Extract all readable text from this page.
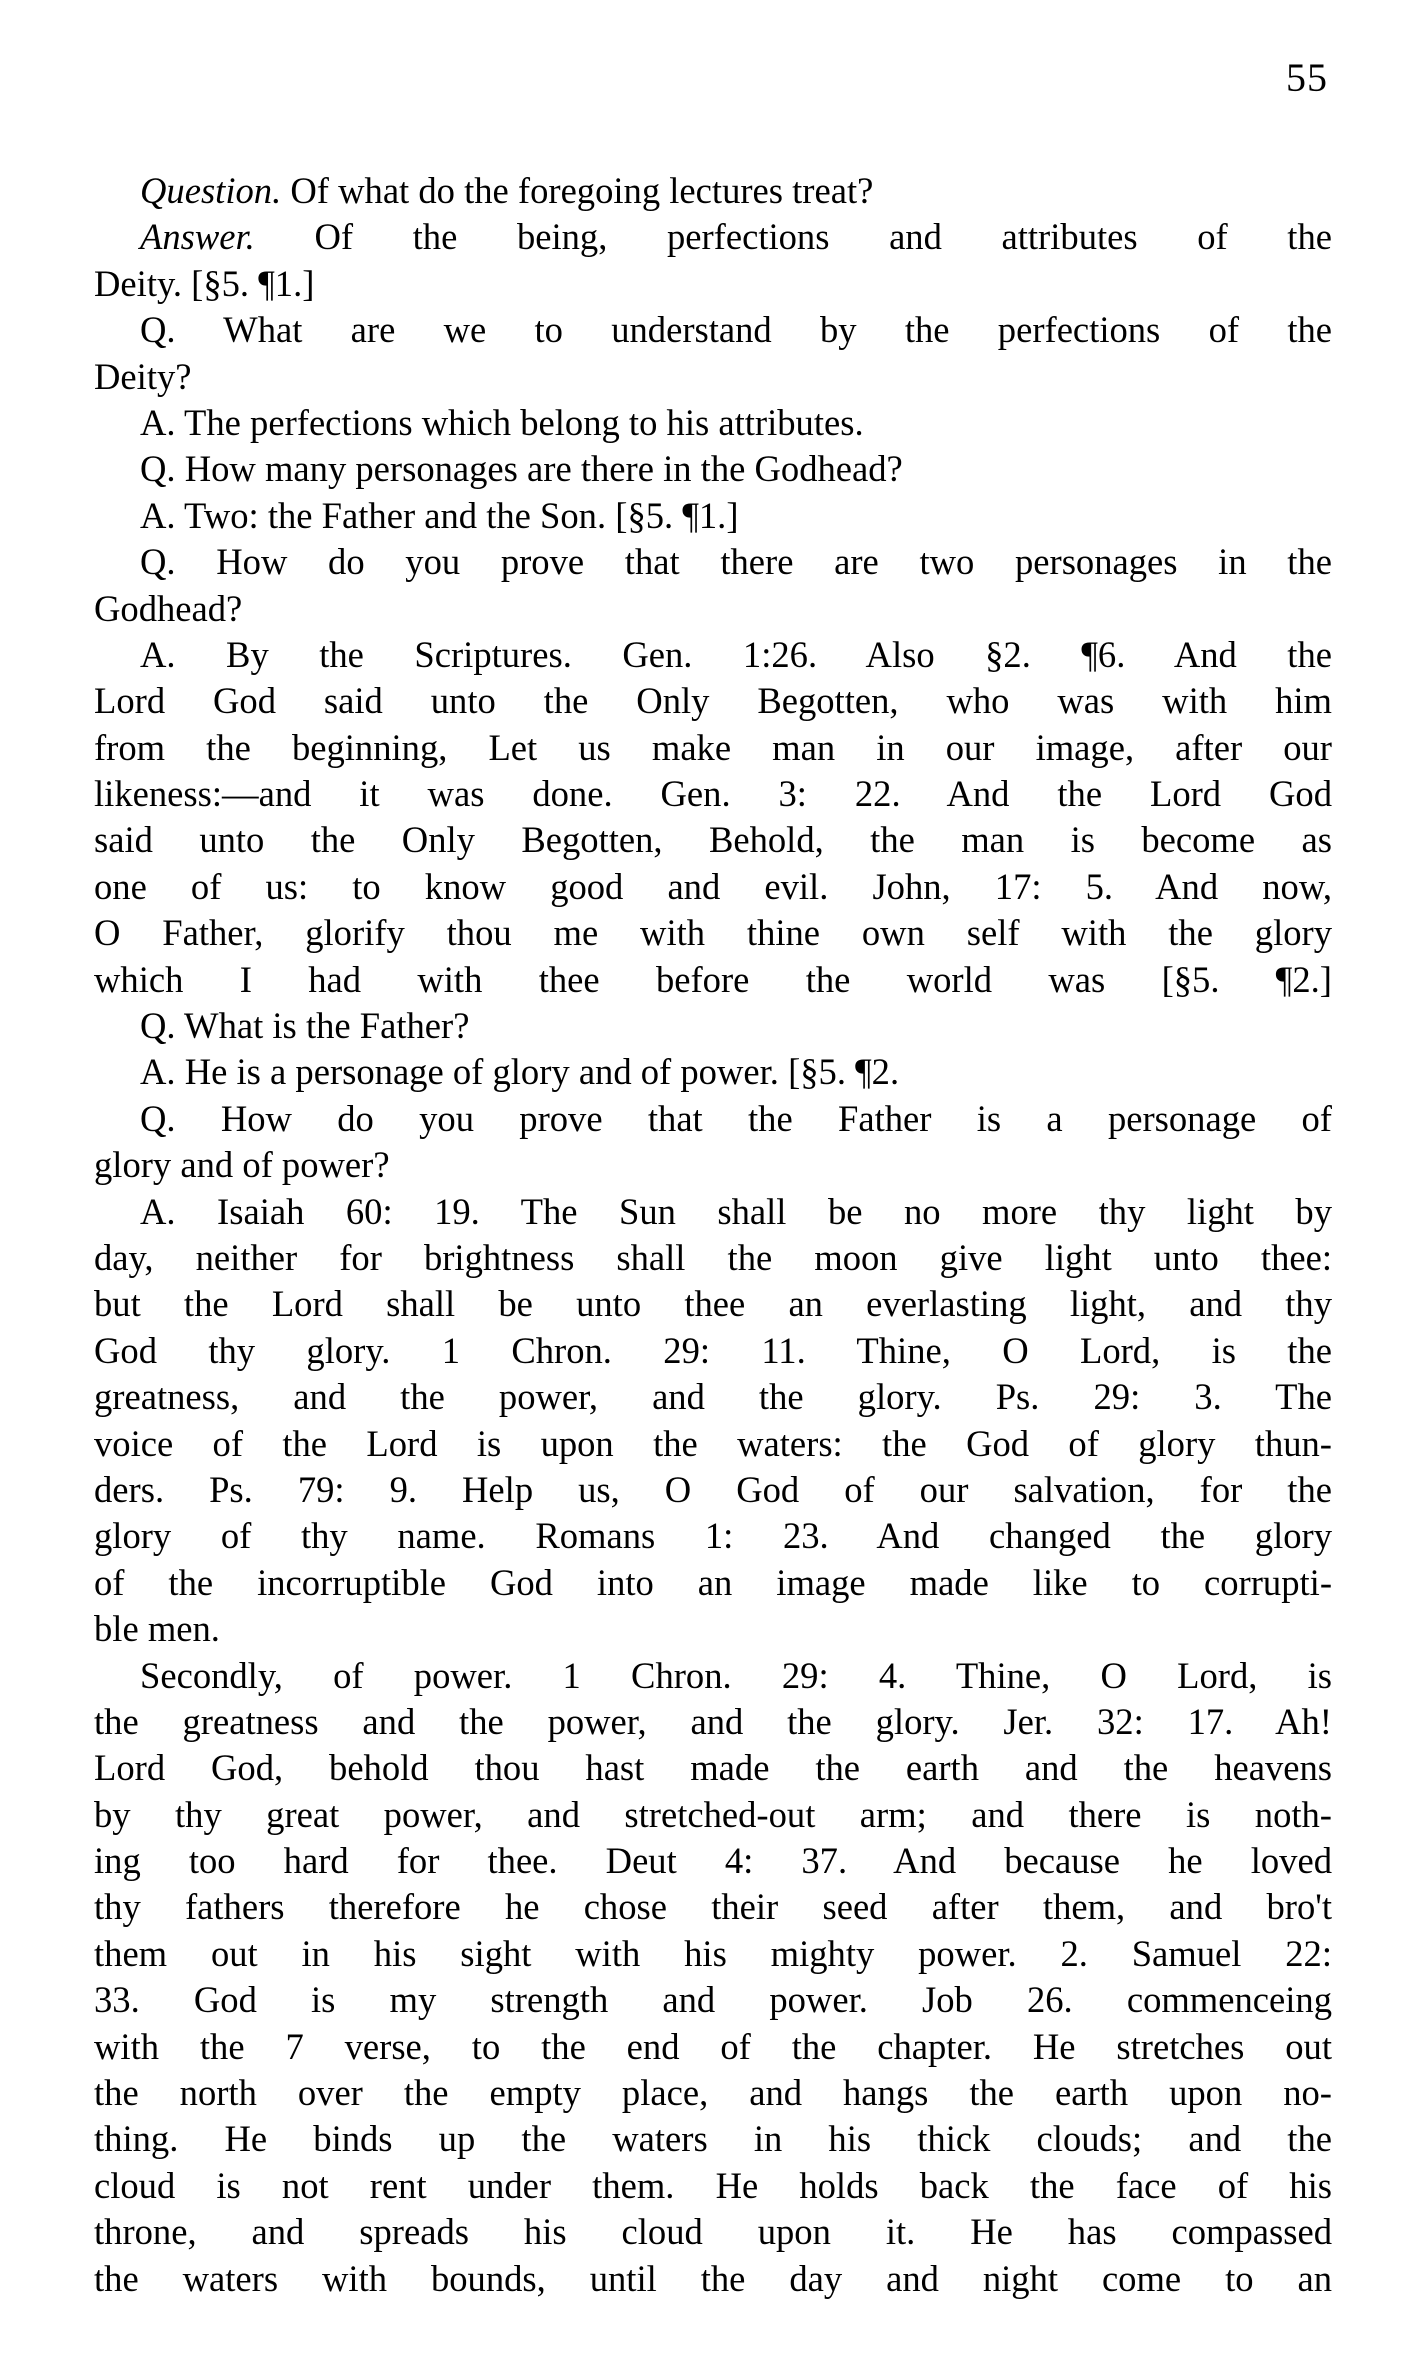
55
Question. Of what do the foregoing lectures treat?
Answer. Of the being, perfections and attributes of the
Deity. [§5. ¶1.]
Q. What are we to understand by the perfections of the
Deity?
A. The perfections which belong to his attributes.
Q. How many personages are there in the Godhead?
A. Two: the Father and the Son. [§5. ¶1.]
Q. How do you prove that there are two personages in the
Godhead?
A. By the Scriptures. Gen. 1:26. Also §2. ¶6. And the
Lord God said unto the Only Begotten, who was with him
from the beginning, Let us make man in our image, after our
likeness:—and it was done. Gen. 3: 22. And the Lord God
said unto the Only Begotten, Behold, the man is become as
one of us: to know good and evil. John, 17: 5. And now,
O Father, glorify thou me with thine own self with the glory
which I had with thee before the world was [§5. ¶2.]
Q. What is the Father?
A. He is a personage of glory and of power. [§5. ¶2.
Q. How do you prove that the Father is a personage of
glory and of power?
A. Isaiah 60: 19. The Sun shall be no more thy light by
day, neither for brightness shall the moon give light unto thee:
but the Lord shall be unto thee an everlasting light, and thy
God thy glory. 1 Chron. 29: 11. Thine, O Lord, is the
greatness, and the power, and the glory. Ps. 29: 3. The
voice of the Lord is upon the waters: the God of glory thun-
ders. Ps. 79: 9. Help us, O God of our salvation, for the
glory of thy name. Romans 1: 23. And changed the glory
of the incorruptible God into an image made like to corrupti-
ble men.
Secondly, of power. 1 Chron. 29: 4. Thine, O Lord, is
the greatness and the power, and the glory. Jer. 32: 17. Ah!
Lord God, behold thou hast made the earth and the heavens
by thy great power, and stretched-out arm; and there is noth-
ing too hard for thee. Deut 4: 37. And because he loved
thy fathers therefore he chose their seed after them, and bro't
them out in his sight with his mighty power. 2. Samuel 22:
33. God is my strength and power. Job 26. commenceing
with the 7 verse, to the end of the chapter. He stretches out
the north over the empty place, and hangs the earth upon no-
thing. He binds up the waters in his thick clouds; and the
cloud is not rent under them. He holds back the face of his
throne, and spreads his cloud upon it. He has compassed
the waters with bounds, until the day and night come to an
